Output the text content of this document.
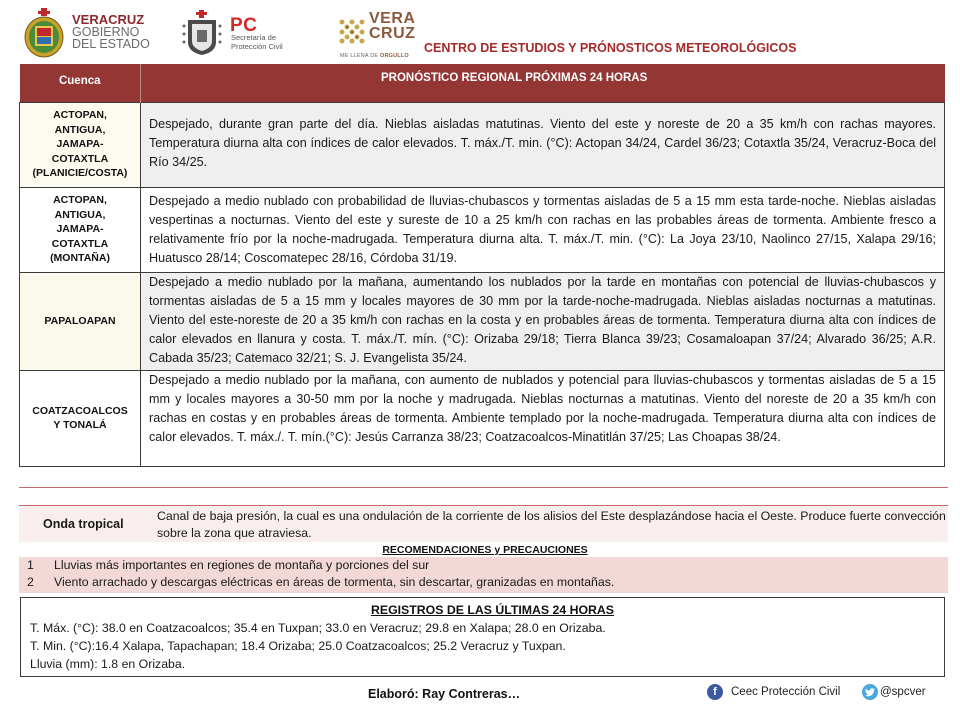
VERACRUZ
GOBIERNO
DEL ESTADO
PC
Secretaría de
Protección Civil
VERA
CRUZ
ME LLENA DE ORGULLO
CENTRO DE ESTUDIOS Y PRÓNOSTICOS METEOROLÓGICOS
Cuenca	PRONÓSTICO REGIONAL PRÓXIMAS 24 HORAS
ACTOPAN,
ANTIGUA,
JAMAPA-
COTAXTLA
(PLANICIE/COSTA)	Despejado, durante gran parte del día. Nieblas aisladas matutinas. Viento del este y noreste de 20 a 35 km/h con rachas mayores. Temperatura diurna alta con índices de calor elevados. T. máx./T. min. (°C): Actopan 34/24, Cardel 36/23; Cotaxtla 35/24, Veracruz-Boca del Río 34/25.
ACTOPAN,
ANTIGUA,
JAMAPA-
COTAXTLA
(MONTAÑA)	Despejado a medio nublado con probabilidad de lluvias-chubascos y tormentas aisladas de 5 a 15 mm esta tarde-noche. Nieblas aisladas vespertinas a nocturnas. Viento del este y sureste de 10 a 25 km/h con rachas en las probables áreas de tormenta. Ambiente fresco a relativamente frío por la noche-madrugada. Temperatura diurna alta. T. máx./T. min. (°C): La Joya 23/10, Naolinco 27/15, Xalapa 29/16; Huatusco 28/14; Coscomatepec 28/16, Córdoba 31/19.
PAPALOAPAN	Despejado a medio nublado por la mañana, aumentando los nublados por la tarde en montañas con potencial de lluvias-chubascos y tormentas aisladas de 5 a 15 mm y locales mayores de 30 mm por la tarde-noche-madrugada. Nieblas aisladas nocturnas a matutinas. Viento del este-noreste de 20 a 35 km/h con rachas en la costa y en probables áreas de tormenta. Temperatura diurna alta con índices de calor elevados en llanura y costa. T. máx./T. mín. (°C): Orizaba 29/18; Tierra Blanca 39/23; Cosamaloapan 37/24; Alvarado 36/25; A.R. Cabada 35/23; Catemaco 32/21; S. J. Evangelista 35/24.
COATZACOALCOS
Y TONALÁ	Despejado a medio nublado por la mañana, con aumento de nublados y potencial para lluvias-chubascos y tormentas aisladas de 5 a 15 mm y locales mayores a 30-50 mm por la noche y madrugada. Nieblas nocturnas a matutinas. Viento del noreste de 20 a 35 km/h con rachas en costas y en probables áreas de tormenta. Ambiente templado por la noche-madrugada. Temperatura diurna alta con índices de calor elevados. T. máx./. T. mín.(°C): Jesús Carranza 38/23; Coatzacoalcos-Minatitlán 37/25; Las Choapas 38/24.
Onda tropical
Canal de baja presión, la cual es una ondulación de la corriente de los alisios del Este desplazándose hacia el Oeste. Produce fuerte convección sobre la zona que atraviesa.
RECOMENDACIONES y PRECAUCIONES
1	Lluvias más importantes en regiones de montaña y porciones del sur
2	Viento arrachado y descargas eléctricas en áreas de tormenta, sin descartar, granizadas en montañas.
REGISTROS DE LAS ÚLTIMAS 24 HORAS
T. Máx. (°C): 38.0 en Coatzacoalcos; 35.4 en Tuxpan; 33.0 en Veracruz; 29.8 en Xalapa; 28.0 en Orizaba.
T. Min. (°C):16.4 Xalapa, Tapachapan; 18.4 Orizaba; 25.0 Coatzacoalcos; 25.2 Veracruz y Tuxpan.
Lluvia (mm): 1.8 en Orizaba.
Elaboró: Ray Contreras…	f	Ceec Protección Civil	@spcver
